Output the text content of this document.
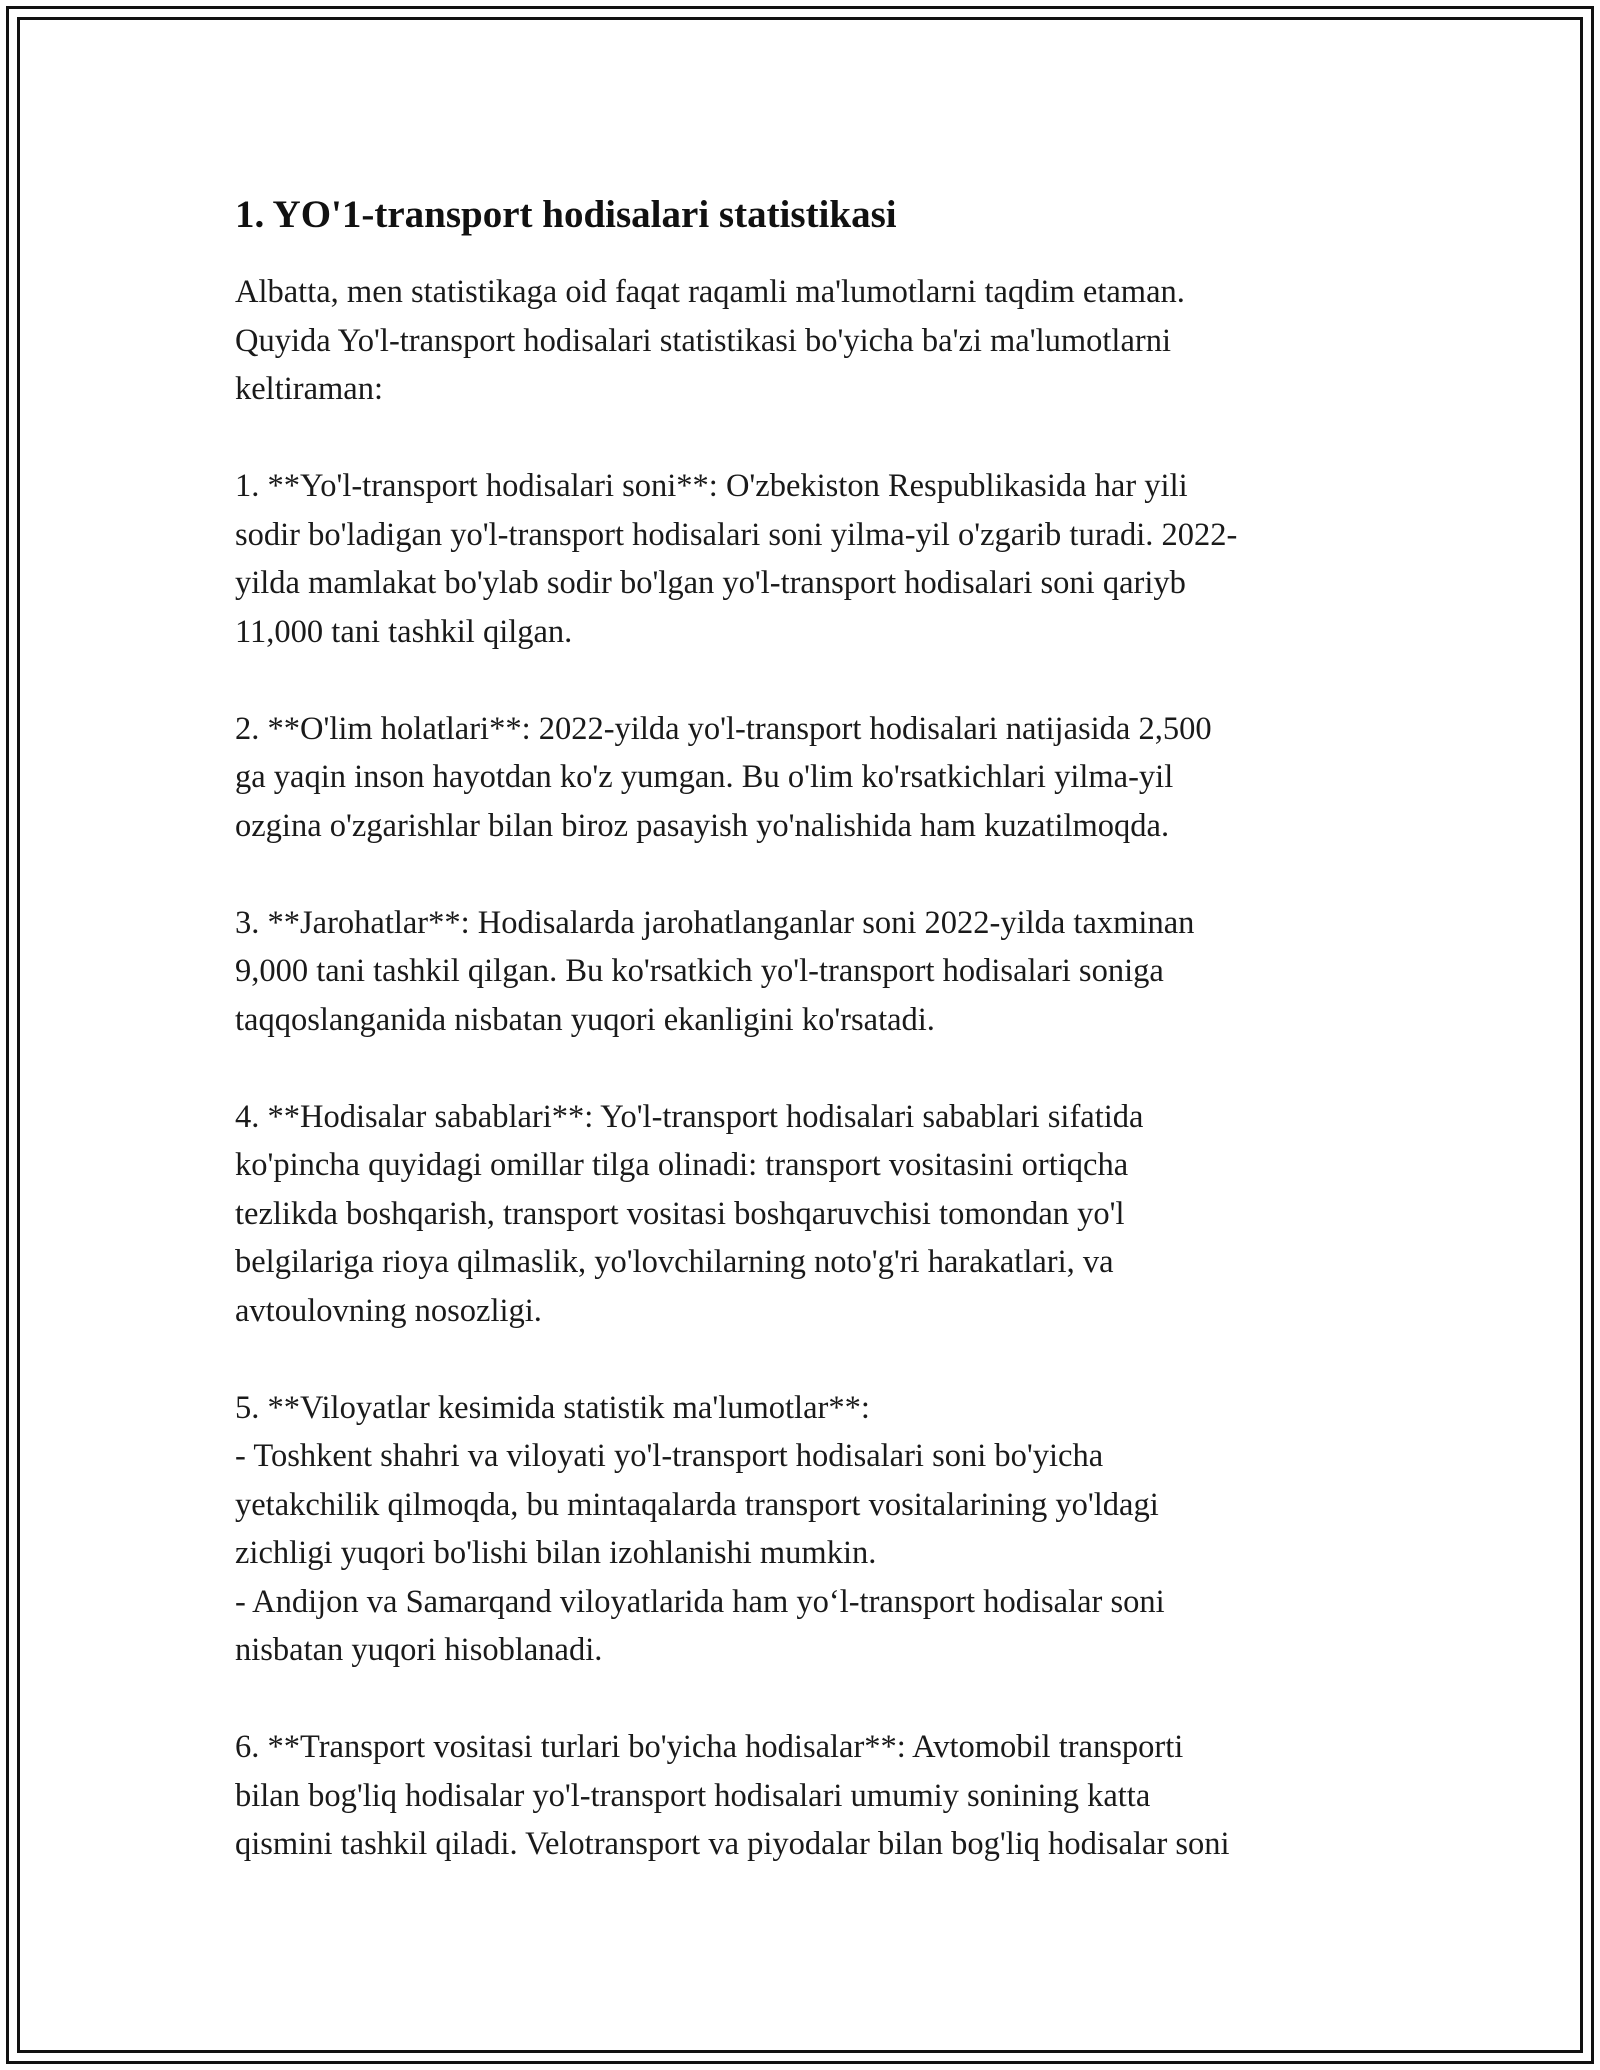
1. YO'1-transport hodisalari statistikasi

Albatta, men statistikaga oid faqat raqamli ma'lumotlarni taqdim etaman.
Quyida Yo'l-transport hodisalari statistikasi bo'yicha ba'zi ma'lumotlarni
keltiraman:

1. **Yo'l-transport hodisalari soni**: O'zbekiston Respublikasida har yili
sodir bo'ladigan yo'l-transport hodisalari soni yilma-yil o'zgarib turadi. 2022-
yilda mamlakat bo'ylab sodir bo'lgan yo'l-transport hodisalari soni qariyb
11,000 tani tashkil qilgan.

2. **O'lim holatlari**: 2022-yilda yo'l-transport hodisalari natijasida 2,500
ga yaqin inson hayotdan ko'z yumgan. Bu o'lim ko'rsatkichlari yilma-yil
ozgina o'zgarishlar bilan biroz pasayish yo'nalishida ham kuzatilmoqda.

3. **Jarohatlar**: Hodisalarda jarohatlanganlar soni 2022-yilda taxminan
9,000 tani tashkil qilgan. Bu ko'rsatkich yo'l-transport hodisalari soniga
taqqoslanganida nisbatan yuqori ekanligini ko'rsatadi.

4. **Hodisalar sabablari**: Yo'l-transport hodisalari sabablari sifatida
ko'pincha quyidagi omillar tilga olinadi: transport vositasini ortiqcha
tezlikda boshqarish, transport vositasi boshqaruvchisi tomondan yo'l
belgilariga rioya qilmaslik, yo'lovchilarning noto'g'ri harakatlari, va
avtoulovning nosozligi.

5. **Viloyatlar kesimida statistik ma'lumotlar**:
- Toshkent shahri va viloyati yo'l-transport hodisalari soni bo'yicha
yetakchilik qilmoqda, bu mintaqalarda transport vositalarining yo'ldagi
zichligi yuqori bo'lishi bilan izohlanishi mumkin.
- Andijon va Samarqand viloyatlarida ham yo‘l-transport hodisalar soni
nisbatan yuqori hisoblanadi.

6. **Transport vositasi turlari bo'yicha hodisalar**: Avtomobil transporti
bilan bog'liq hodisalar yo'l-transport hodisalari umumiy sonining katta
qismini tashkil qiladi. Velotransport va piyodalar bilan bog'liq hodisalar soni
